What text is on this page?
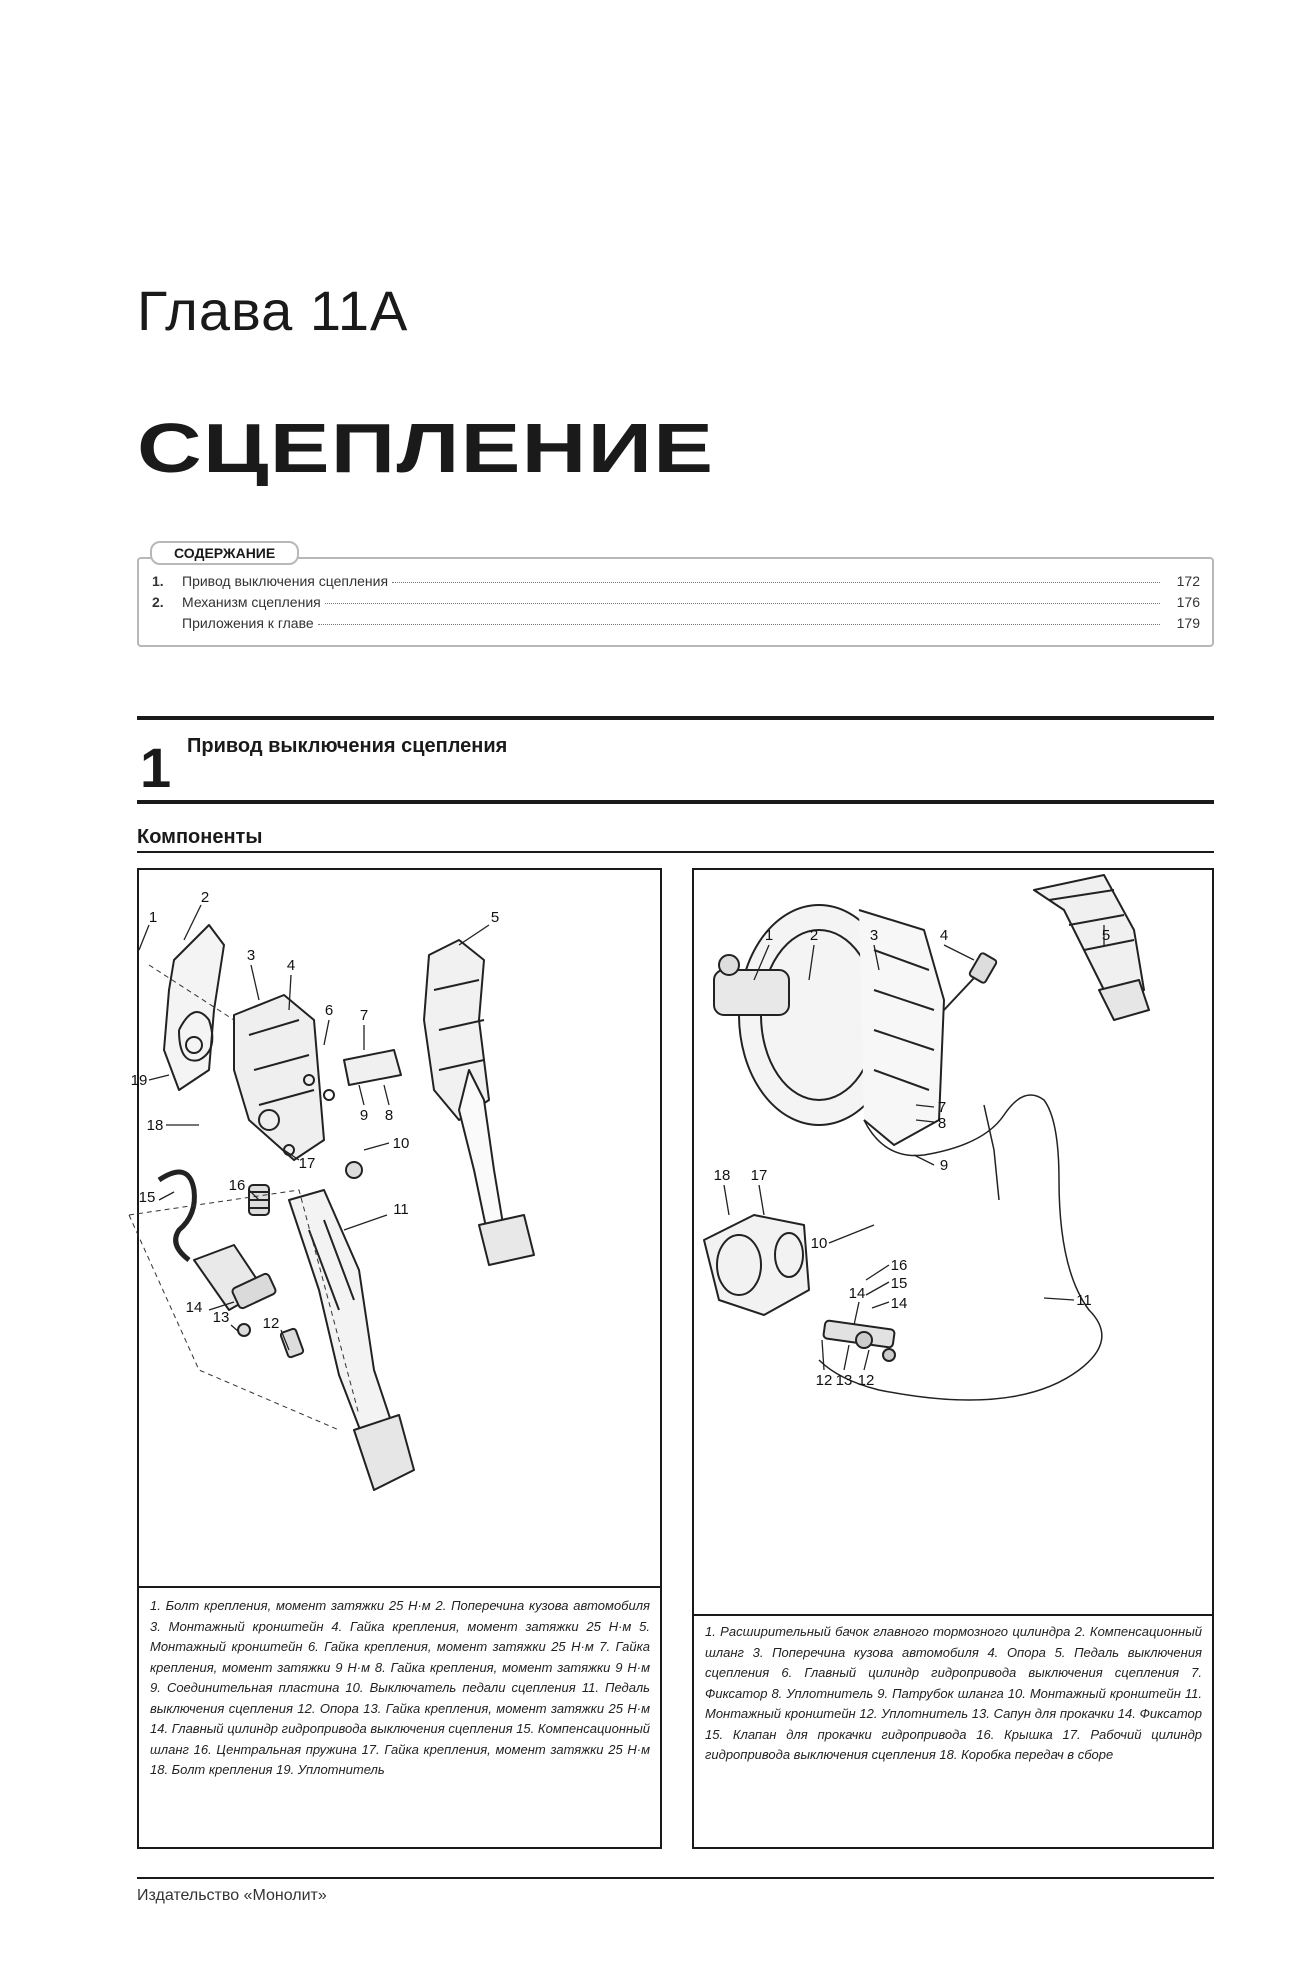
Глава 11А
СЦЕПЛЕНИЕ
СОДЕРЖАНИЕ
1.	Привод выключения сцепления	172
2.	Механизм сцепления	176
Приложения к главе	179
1 Привод выключения сцепления
Компоненты

1. Болт крепления, момент затяжки 25 Н·м 2. Поперечина кузова автомобиля 3. Монтажный кронштейн 4. Гайка крепления, момент затяжки 25 Н·м 5. Монтажный кронштейн 6. Гайка крепления, момент затяжки 25 Н·м 7. Гайка крепления, момент затяжки 9 Н·м 8. Гайка крепления, момент затяжки 9 Н·м 9. Соединительная пластина 10. Выключатель педали сцепления 11. Педаль выключения сцепления 12. Опора 13. Гайка крепления, момент затяжки 25 Н·м 14. Главный цилиндр гидропривода выключения сцепления 15. Компенсационный шланг 16. Центральная пружина 17. Гайка крепления, момент затяжки 25 Н·м 18. Болт крепления 19. Уплотнитель

1
2
3
4
5
6 7
8
9
10
11
12
13
14
15
16
17
18
19

1. Расширительный бачок главного тормозного цилиндра 2. Компенсационный шланг 3. Поперечина кузова автомобиля 4. Опора 5. Педаль выключения сцепления 6. Главный цилиндр гидропривода выключения сцепления 7. Фиксатор 8. Уплотнитель 9. Патрубок шланга 10. Монтажный кронштейн 11. Монтажный кронштейн 12. Уплотнитель 13. Сапун для прокачки 14. Фиксатор 15. Клапан для прокачки гидропривода 16. Крышка 17. Рабочий цилиндр гидропривода выключения сцепления 18. Коробка передач в сборе

1 2	3	4	5
7
8
9
10
11
12 13 12
14
15
16
14
17
18
Издательство «Монолит»
